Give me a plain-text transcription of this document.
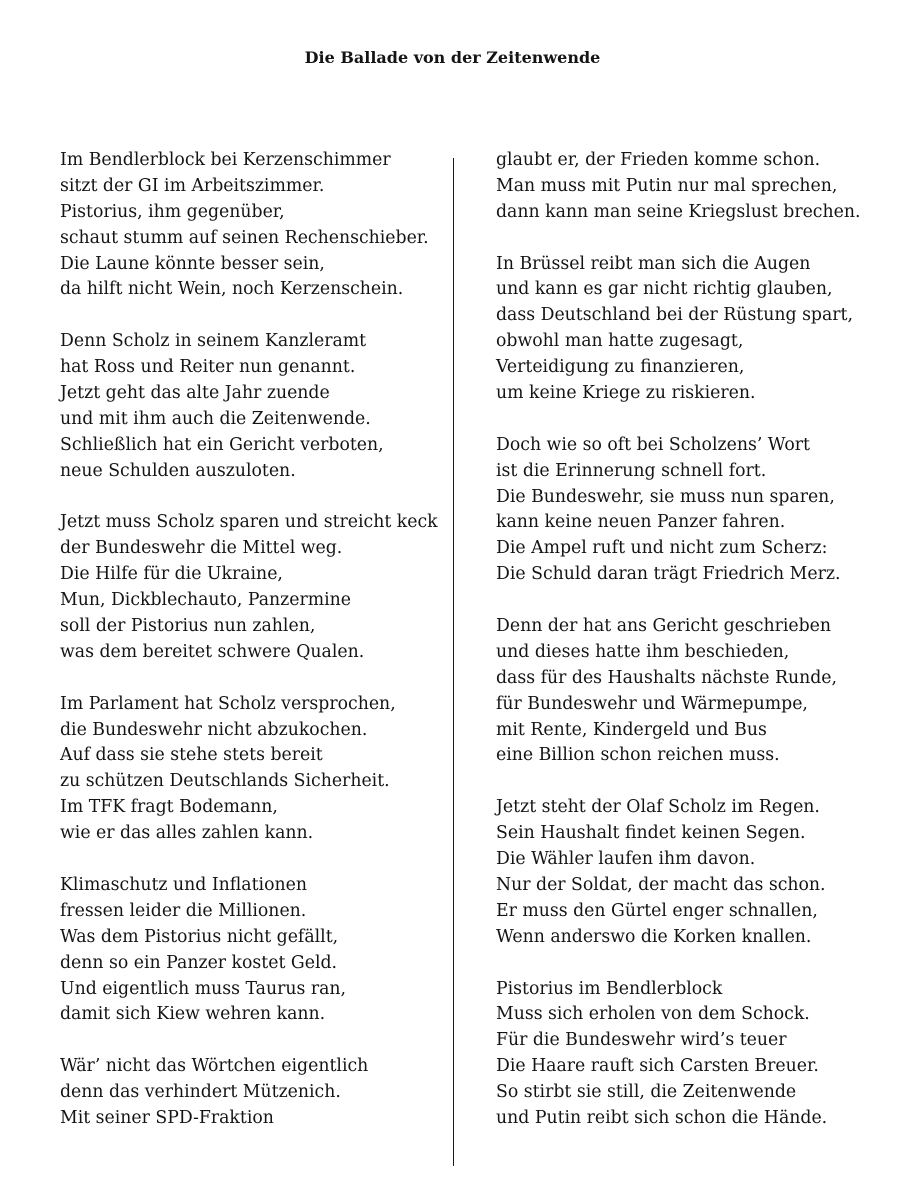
Die Ballade von der Zeitenwende
Im Bendlerblock bei Kerzenschimmer
sitzt der GI im Arbeitszimmer.
Pistorius, ihm gegenüber,
schaut stumm auf seinen Rechenschieber.
Die Laune könnte besser sein,
da hilft nicht Wein, noch Kerzenschein.
Denn Scholz in seinem Kanzleramt
hat Ross und Reiter nun genannt.
Jetzt geht das alte Jahr zuende
und mit ihm auch die Zeitenwende.
Schließlich hat ein Gericht verboten,
neue Schulden auszuloten.
Jetzt muss Scholz sparen und streicht keck
der Bundeswehr die Mittel weg.
Die Hilfe für die Ukraine,
Mun, Dickblechauto, Panzermine
soll der Pistorius nun zahlen,
was dem bereitet schwere Qualen.
Im Parlament hat Scholz versprochen,
die Bundeswehr nicht abzukochen.
Auf dass sie stehe stets bereit
zu schützen Deutschlands Sicherheit.
Im TFK fragt Bodemann,
wie er das alles zahlen kann.
Klimaschutz und Inflationen
fressen leider die Millionen.
Was dem Pistorius nicht gefällt,
denn so ein Panzer kostet Geld.
Und eigentlich muss Taurus ran,
damit sich Kiew wehren kann.
Wär’ nicht das Wörtchen eigentlich
denn das verhindert Mützenich.
Mit seiner SPD-Fraktion
glaubt er, der Frieden komme schon.
Man muss mit Putin nur mal sprechen,
dann kann man seine Kriegslust brechen.
In Brüssel reibt man sich die Augen
und kann es gar nicht richtig glauben,
dass Deutschland bei der Rüstung spart,
obwohl man hatte zugesagt,
Verteidigung zu finanzieren,
um keine Kriege zu riskieren.
Doch wie so oft bei Scholzens’ Wort
ist die Erinnerung schnell fort.
Die Bundeswehr, sie muss nun sparen,
kann keine neuen Panzer fahren.
Die Ampel ruft und nicht zum Scherz:
Die Schuld daran trägt Friedrich Merz.
Denn der hat ans Gericht geschrieben
und dieses hatte ihm beschieden,
dass für des Haushalts nächste Runde,
für Bundeswehr und Wärmepumpe,
mit Rente, Kindergeld und Bus
eine Billion schon reichen muss.
Jetzt steht der Olaf Scholz im Regen.
Sein Haushalt findet keinen Segen.
Die Wähler laufen ihm davon.
Nur der Soldat, der macht das schon.
Er muss den Gürtel enger schnallen,
Wenn anderswo die Korken knallen.
Pistorius im Bendlerblock
Muss sich erholen von dem Schock.
Für die Bundeswehr wird’s teuer
Die Haare rauft sich Carsten Breuer.
So stirbt sie still, die Zeitenwende
und Putin reibt sich schon die Hände.
